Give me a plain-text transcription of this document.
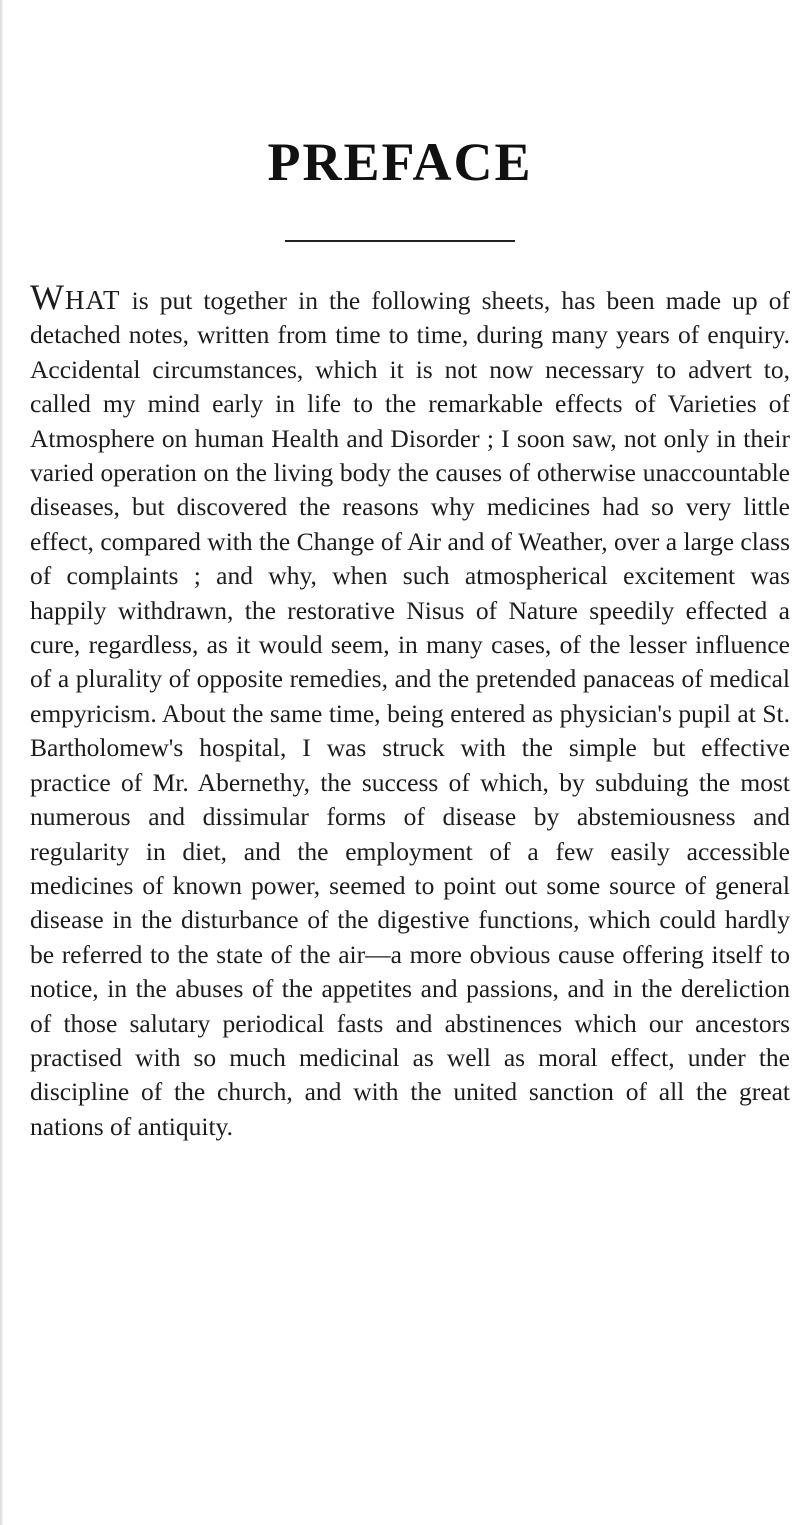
PREFACE

WHAT is put together in the following sheets, has been made up of detached notes, written from time to time, during many years of enquiry. Accidental circumstances, which it is not now necessary to advert to, called my mind early in life to the remarkable effects of Varieties of Atmosphere on human Health and Disorder ; I soon saw, not only in their varied operation on the living body the causes of otherwise unaccountable diseases, but discovered the reasons why medicines had so very little effect, compared with the Change of Air and of Weather, over a large class of complaints ; and why, when such atmospherical excitement was happily withdrawn, the restorative Nisus of Nature speedily effected a cure, regardless, as it would seem, in many cases, of the lesser influence of a plurality of opposite remedies, and the pretended panaceas of medical empyricism. About the same time, being entered as physician's pupil at St. Bartholomew's hospital, I was struck with the simple but effective practice of Mr. Abernethy, the success of which, by subduing the most numerous and dissimular forms of disease by abstemiousness and regularity in diet, and the employment of a few easily accessible medicines of known power, seemed to point out some source of general disease in the disturbance of the digestive functions, which could hardly be referred to the state of the air—a more obvious cause offering itself to notice, in the abuses of the appetites and passions, and in the dereliction of those salutary periodical fasts and abstinences which our ancestors practised with so much medicinal as well as moral effect, under the discipline of the church, and with the united sanction of all the great nations of antiquity.
